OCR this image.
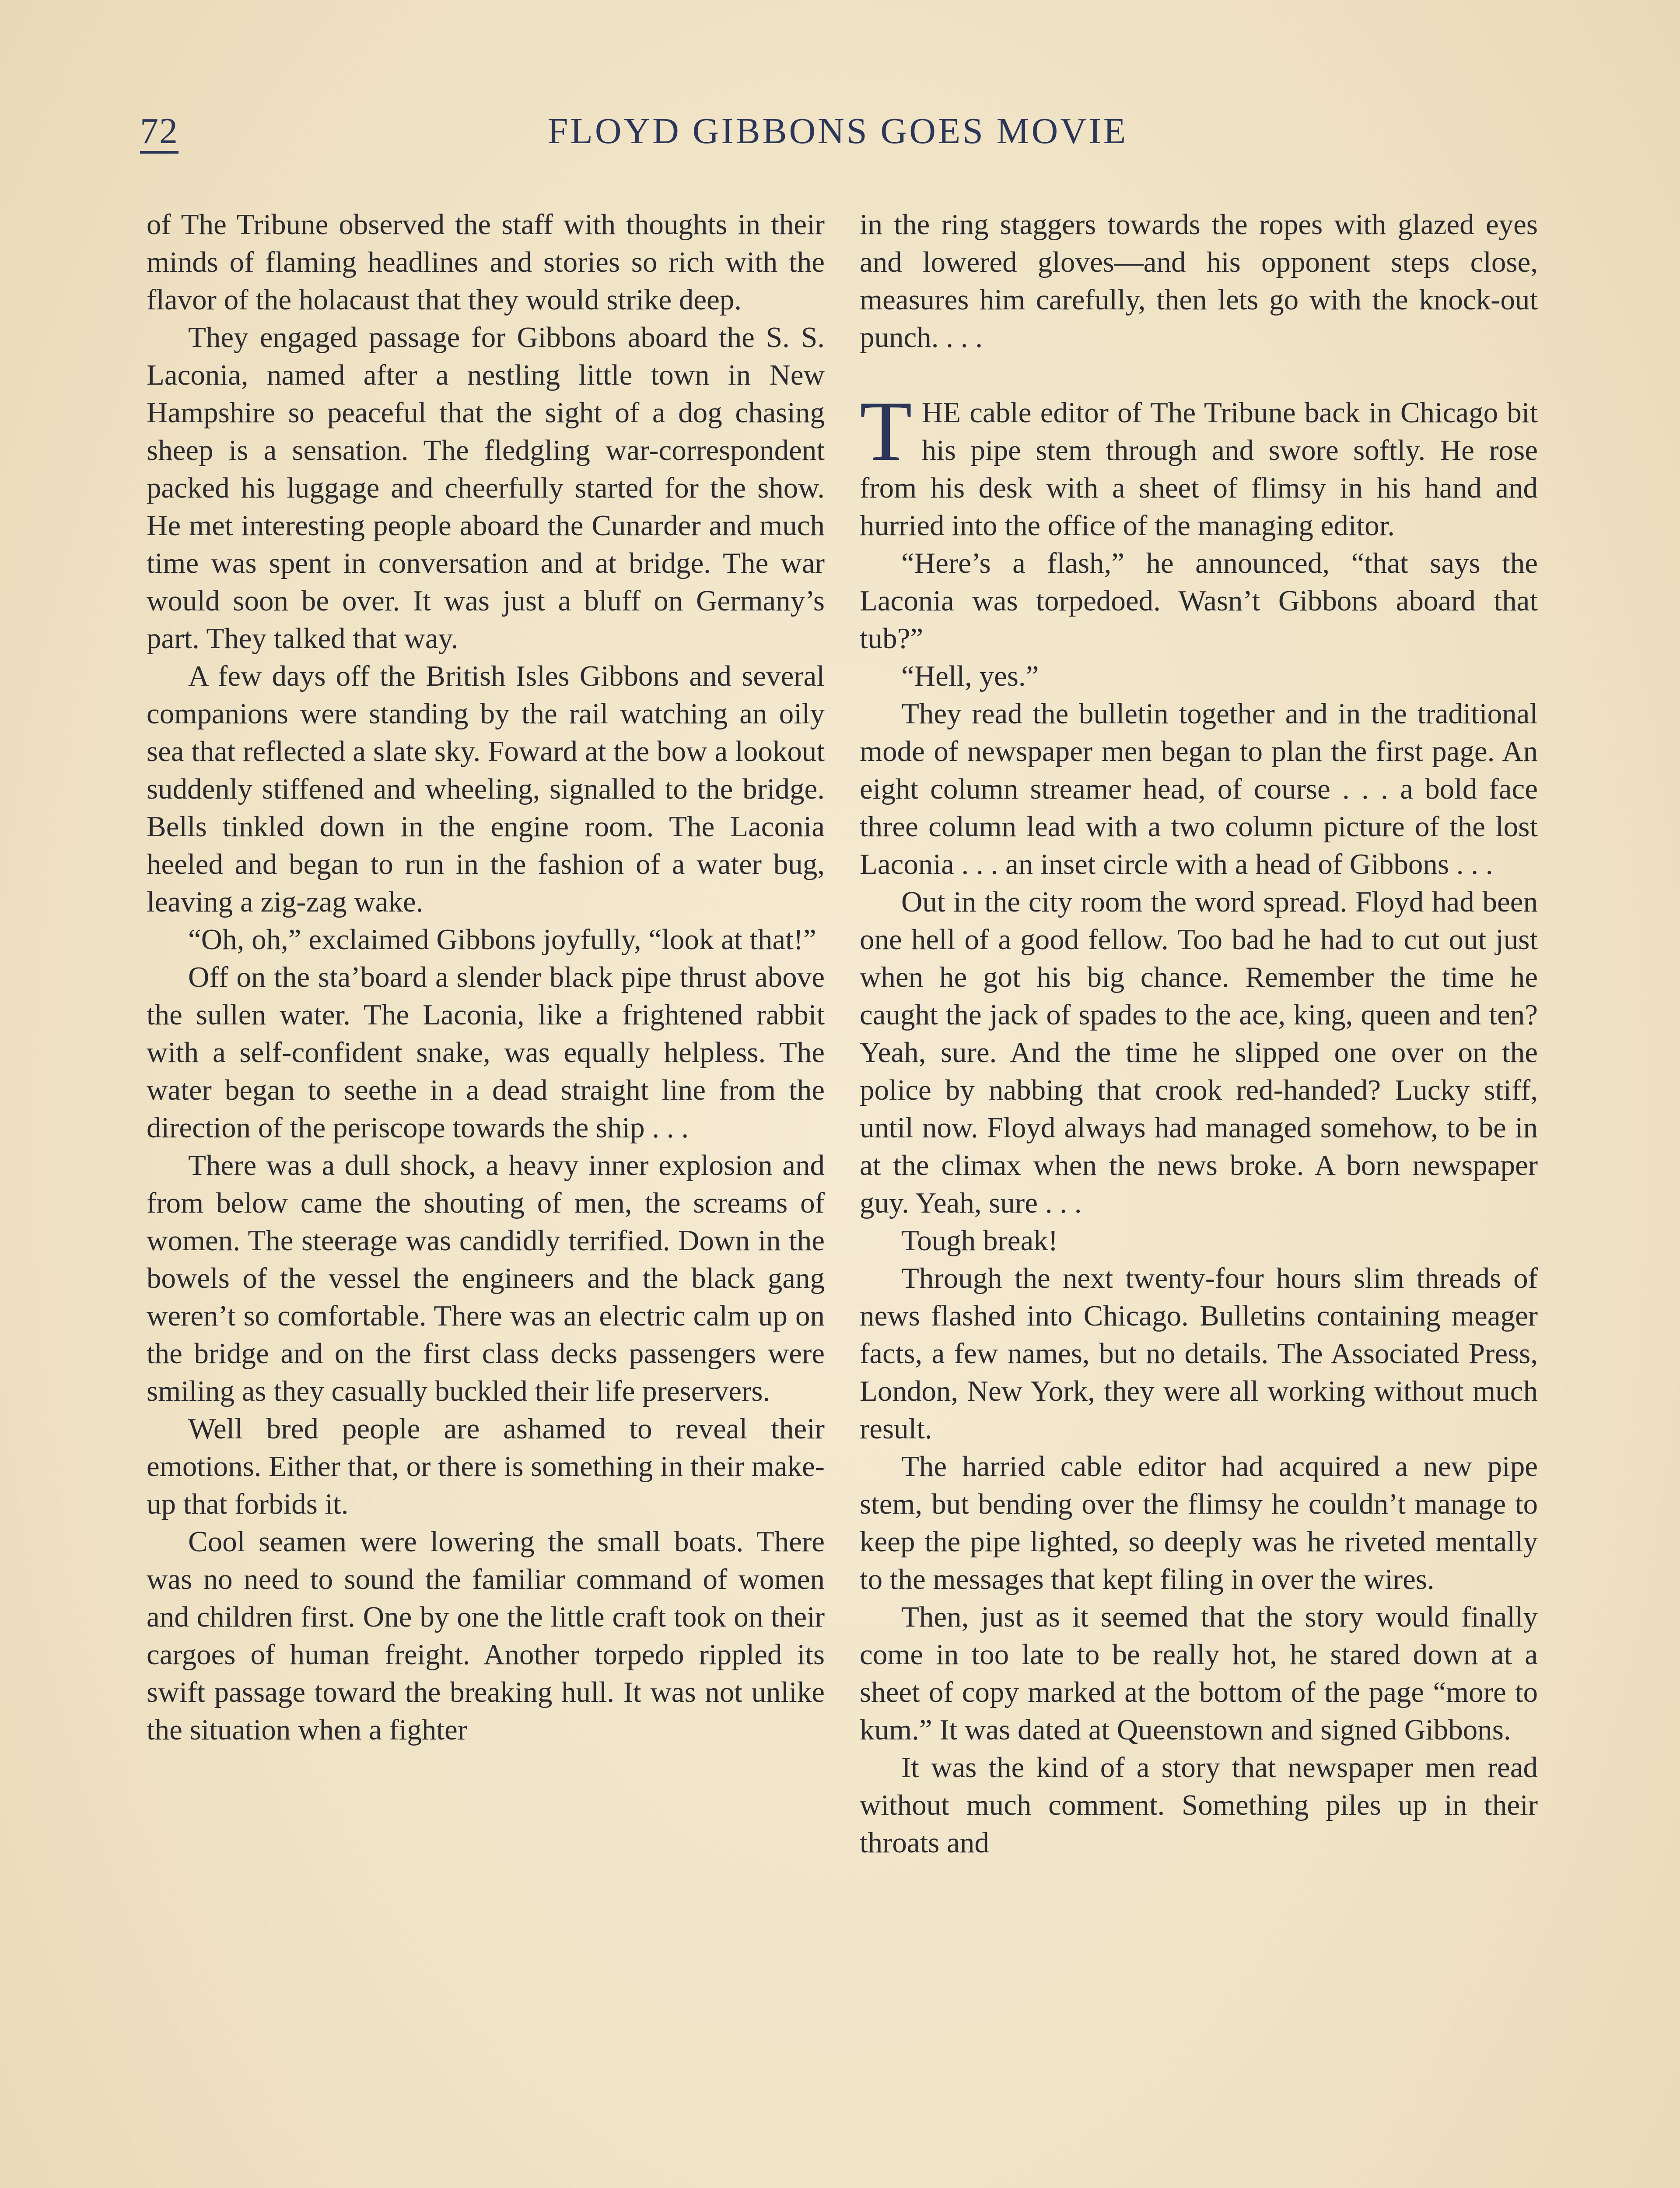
72	FLOYD GIBBONS GOES MOVIE

of The Tribune observed the staff with thoughts in their minds of flaming headlines and stories so rich with the flavor of the holacaust that they would strike deep.

They engaged passage for Gibbons aboard the S. S. Laconia, named after a nestling little town in New Hampshire so peaceful that the sight of a dog chasing sheep is a sensation. The fledgling war-correspondent packed his luggage and cheerfully started for the show. He met interesting people aboard the Cunarder and much time was spent in conversation and at bridge. The war would soon be over. It was just a bluff on Germany’s part. They talked that way.

A few days off the British Isles Gibbons and several companions were standing by the rail watching an oily sea that reflected a slate sky. Foward at the bow a lookout suddenly stiffened and wheeling, signalled to the bridge. Bells tinkled down in the engine room. The Laconia heeled and began to run in the fashion of a water bug, leaving a zig-zag wake.

“Oh, oh,” exclaimed Gibbons joyfully, “look at that!”

Off on the sta’board a slender black pipe thrust above the sullen water. The Laconia, like a frightened rabbit with a self-confident snake, was equally helpless. The water began to seethe in a dead straight line from the direction of the periscope towards the ship . . .

There was a dull shock, a heavy inner explosion and from below came the shouting of men, the screams of women. The steerage was candidly terrified. Down in the bowels of the vessel the engineers and the black gang weren’t so comfortable. There was an electric calm up on the bridge and on the first class decks passengers were smiling as they casually buckled their life preservers.

Well bred people are ashamed to reveal their emotions. Either that, or there is something in their make-up that forbids it.

Cool seamen were lowering the small boats. There was no need to sound the familiar command of women and children first. One by one the little craft took on their cargoes of human freight. Another torpedo rippled its swift passage toward the breaking hull. It was not unlike the situation when a fighter

in the ring staggers towards the ropes with glazed eyes and lowered gloves—and his opponent steps close, measures him carefully, then lets go with the knock-out punch. . . .

THE cable editor of The Tribune back in Chicago bit his pipe stem through and swore softly. He rose from his desk with a sheet of flimsy in his hand and hurried into the office of the managing editor.

“Here’s a flash,” he announced, “that says the Laconia was torpedoed. Wasn’t Gibbons aboard that tub?”

“Hell, yes.”

They read the bulletin together and in the traditional mode of newspaper men began to plan the first page. An eight column streamer head, of course . . . a bold face three column lead with a two column picture of the lost Laconia . . . an inset circle with a head of Gibbons . . .

Out in the city room the word spread. Floyd had been one hell of a good fellow. Too bad he had to cut out just when he got his big chance. Remember the time he caught the jack of spades to the ace, king, queen and ten? Yeah, sure. And the time he slipped one over on the police by nabbing that crook red-handed? Lucky stiff, until now. Floyd always had managed somehow, to be in at the climax when the news broke. A born newspaper guy. Yeah, sure . . .

Tough break!

Through the next twenty-four hours slim threads of news flashed into Chicago. Bulletins containing meager facts, a few names, but no details. The Associated Press, London, New York, they were all working without much result.

The harried cable editor had acquired a new pipe stem, but bending over the flimsy he couldn’t manage to keep the pipe lighted, so deeply was he riveted mentally to the messages that kept filing in over the wires.

Then, just as it seemed that the story would finally come in too late to be really hot, he stared down at a sheet of copy marked at the bottom of the page “more to kum.” It was dated at Queenstown and signed Gibbons.

It was the kind of a story that newspaper men read without much comment. Something piles up in their throats and
